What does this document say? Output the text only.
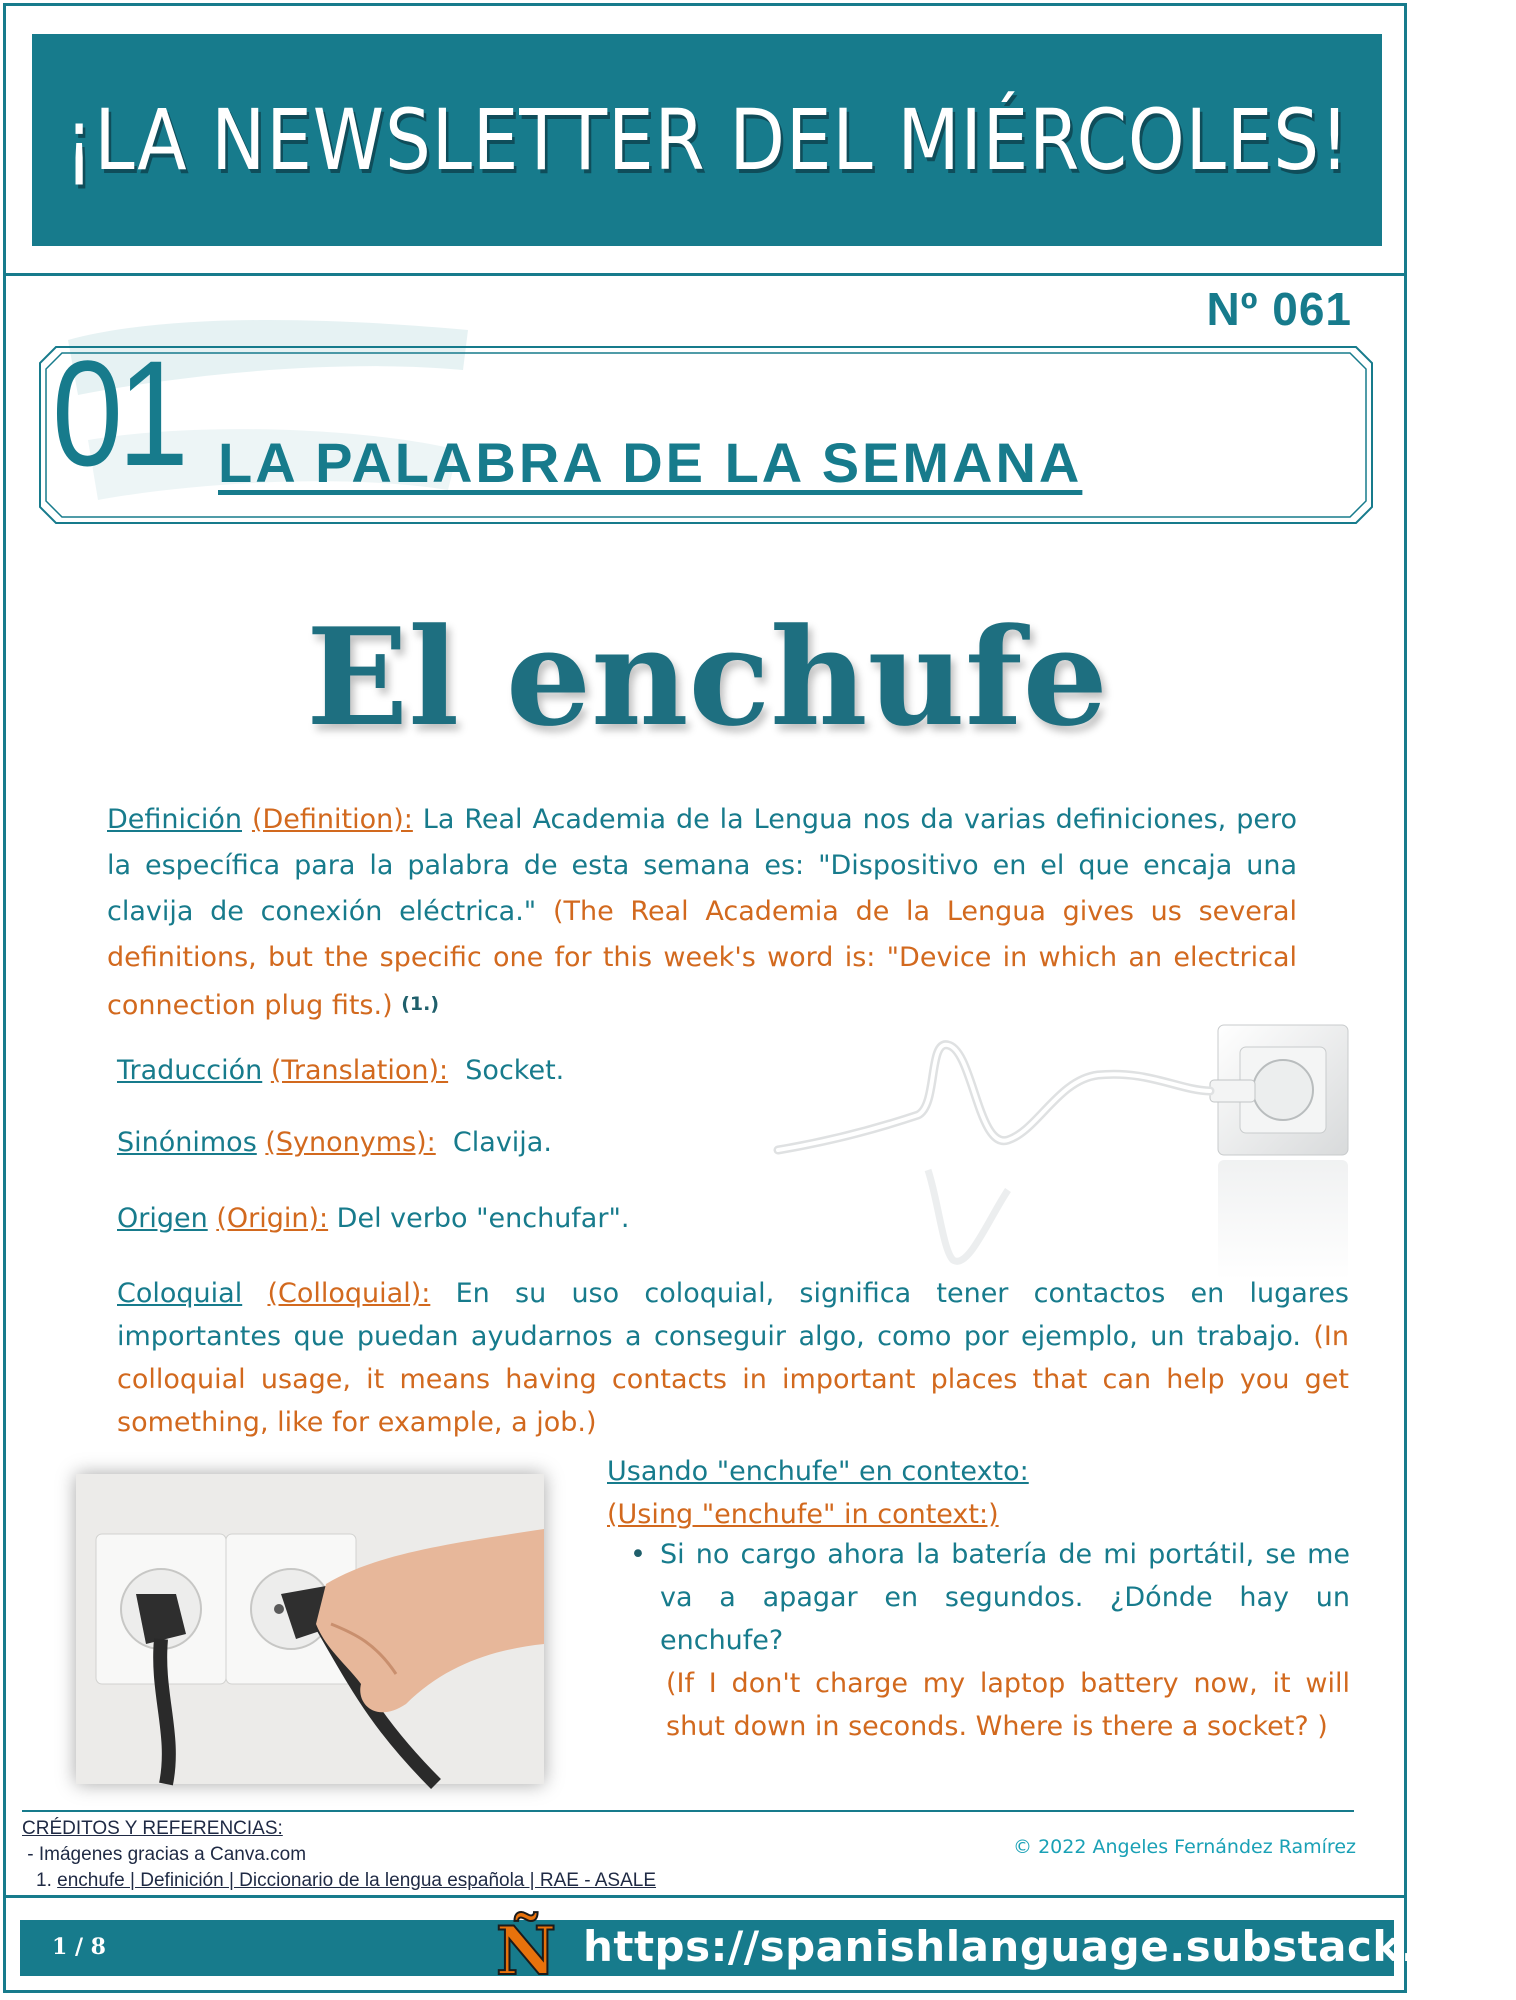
¡LA NEWSLETTER DEL MIÉRCOLES!
Nº 061
01 LA PALABRA DE LA SEMANA
El enchufe
Definición (Definition): La Real Academia de la Lengua nos da varias definiciones, pero la específica para la palabra de esta semana es: "Dispositivo en el que encaja una clavija de conexión eléctrica." (The Real Academia de la Lengua gives us several definitions, but the specific one for this week's word is: "Device in which an electrical connection plug fits.) $^{(1.)}$
Traducción (Translation):  Socket.
Sinónimos (Synonyms):  Clavija.
Origen (Origin): Del verbo "enchufar".
Coloquial (Colloquial): En su uso coloquial, significa tener contactos en lugares importantes que puedan ayudarnos a conseguir algo, como por ejemplo, un trabajo. (In colloquial usage, it means having contacts in important places that can help you get something, like for example, a job.)
Usando "enchufe" en contexto:
(Using "enchufe" in context:)
• Si no cargo ahora la batería de mi portátil, se me va a apagar en segundos. ¿Dónde hay un enchufe?
(If I don't charge my laptop battery now, it will shut down in seconds. Where is there a socket? )
CRÉDITOS Y REFERENCIAS:
- Imágenes gracias a Canva.com
1. enchufe | Definición | Diccionario de la lengua española | RAE - ASALE
© 2022 Angeles Fernández Ramírez
1 / 8	Ñ https://spanishlanguage.substack.com
